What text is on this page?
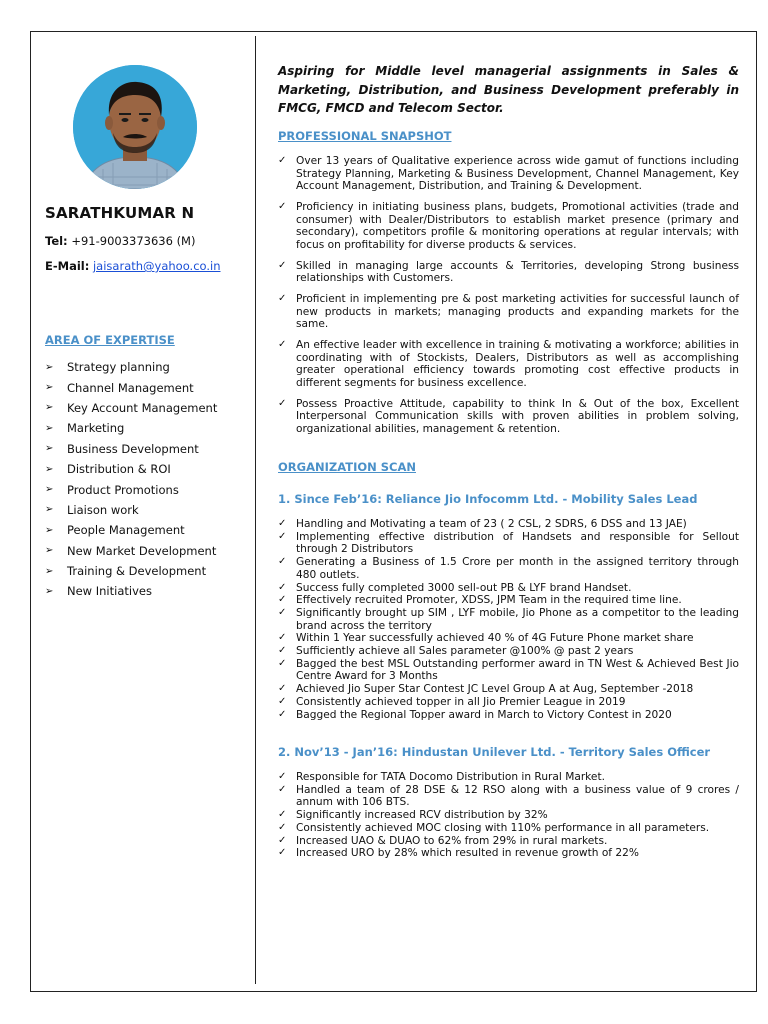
SARATHKUMAR N
Tel: +91-9003373636 (M)
E-Mail: jaisarath@yahoo.co.in
AREA OF EXPERTISE
➢	Strategy planning
➢	Channel Management
➢	Key Account Management
➢	Marketing
➢	Business Development
➢	Distribution & ROI
➢	Product Promotions
➢	Liaison work
➢	People Management
➢	New Market Development
➢	Training & Development
➢	New Initiatives

Aspiring for Middle level managerial assignments in Sales & Marketing, Distribution, and Business Development preferably in FMCG, FMCD and Telecom Sector.

PROFESSIONAL SNAPSHOT
✓ Over 13 years of Qualitative experience across wide gamut of functions including Strategy Planning, Marketing & Business Development, Channel Management, Key Account Management, Distribution, and Training & Development.
✓ Proficiency in initiating business plans, budgets, Promotional activities (trade and consumer) with Dealer/Distributors to establish market presence (primary and secondary), competitors profile & monitoring operations at regular intervals; with focus on profitability for diverse products & services.
✓ Skilled in managing large accounts & Territories, developing Strong business relationships with Customers.
✓ Proficient in implementing pre & post marketing activities for successful launch of new products in markets; managing products and expanding markets for the same.
✓ An effective leader with excellence in training & motivating a workforce; abilities in coordinating with of Stockists, Dealers, Distributors as well as accomplishing greater operational efficiency towards promoting cost effective products in different segments for business excellence.
✓ Possess Proactive Attitude, capability to think In & Out of the box, Excellent Interpersonal Communication skills with proven abilities in problem solving, organizational abilities, management & retention.
ORGANIZATION SCAN
1. Since Feb’16: Reliance Jio Infocomm Ltd. - Mobility Sales Lead
✓ Handling and Motivating a team of 23 ( 2 CSL, 2 SDRS, 6 DSS and 13 JAE)
✓ Implementing effective distribution of Handsets and responsible for Sellout through 2 Distributors
✓ Generating a Business of 1.5 Crore per month in the assigned territory through 480 outlets.
✓ Success fully completed 3000 sell-out PB & LYF brand Handset.
✓ Effectively recruited Promoter, XDSS, JPM Team in the required time line.
✓ Significantly brought up SIM , LYF mobile, Jio Phone as a competitor to the leading brand across the territory
✓ Within 1 Year successfully achieved 40 % of 4G Future Phone market share
✓ Sufficiently achieve all Sales parameter @100% @ past 2 years
✓ Bagged the best MSL Outstanding performer award in TN West & Achieved Best Jio Centre Award for 3 Months
✓ Achieved Jio Super Star Contest JC Level Group A at Aug, September -2018
✓ Consistently achieved topper in all Jio Premier League in 2019
✓ Bagged the Regional Topper award in March to Victory Contest in 2020
2. Nov’13 - Jan’16: Hindustan Unilever Ltd. - Territory Sales Officer
✓ Responsible for TATA Docomo Distribution in Rural Market.
✓ Handled a team of 28 DSE & 12 RSO along with a business value of 9 crores / annum with 106 BTS.
✓ Significantly increased RCV distribution by 32%
✓ Consistently achieved MOC closing with 110% performance in all parameters.
✓ Increased UAO & DUAO to 62% from 29% in rural markets.
✓ Increased URO by 28% which resulted in revenue growth of 22%
